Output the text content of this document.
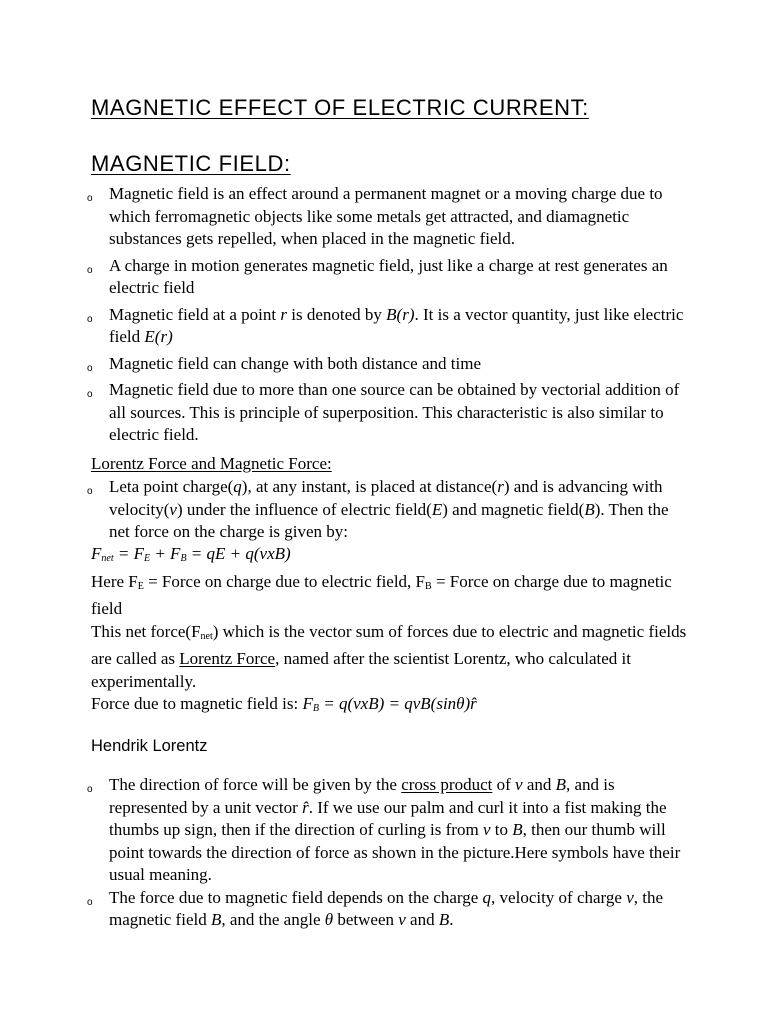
MAGNETIC EFFECT OF ELECTRIC CURRENT:
MAGNETIC FIELD:
o Magnetic field is an effect around a permanent magnet or a moving charge due to which ferromagnetic objects like some metals get attracted, and diamagnetic substances gets repelled, when placed in the magnetic field.
o A charge in motion generates magnetic field, just like a charge at rest generates an electric field
o Magnetic field at a point r is denoted by B(r). It is a vector quantity, just like electric field E(r)
o Magnetic field can change with both distance and time
o Magnetic field due to more than one source can be obtained by vectorial addition of all sources. This is principle of superposition. This characteristic is also similar to electric field.
Lorentz Force and Magnetic Force:
o Leta point charge(q), at any instant, is placed at distance(r) and is advancing with velocity(v) under the influence of electric field(E) and magnetic field(B). Then the net force on the charge is given by:

$F_{net} = F_E + F_B$ = qE + q(vxB)

Here $F_E$ = Force on charge due to electric field, $F_B$ = Force on charge due to magnetic field

This net $force(F_{net})$ which is the vector sum of forces due to electric and magnetic fields are called as Lorentz Force, named after the scientist Lorentz, who calculated it experimentally.

Force due to magnetic field is: $F_B = q(vxB)$ = qvB(sinθ)r̂

Hendrik Lorentz
o The direction of force will be given by the cross product of v and B, and is represented by a unit vector r̂. If we use our palm and curl it into a fist making the thumbs up sign, then if the direction of curling is from v to B, then our thumb will point towards the direction of force as shown in the picture.Here symbols have their usual meaning.
o The force due to magnetic field depends on the charge q, velocity of charge v, the magnetic field B, and the angle θ between v and B.
